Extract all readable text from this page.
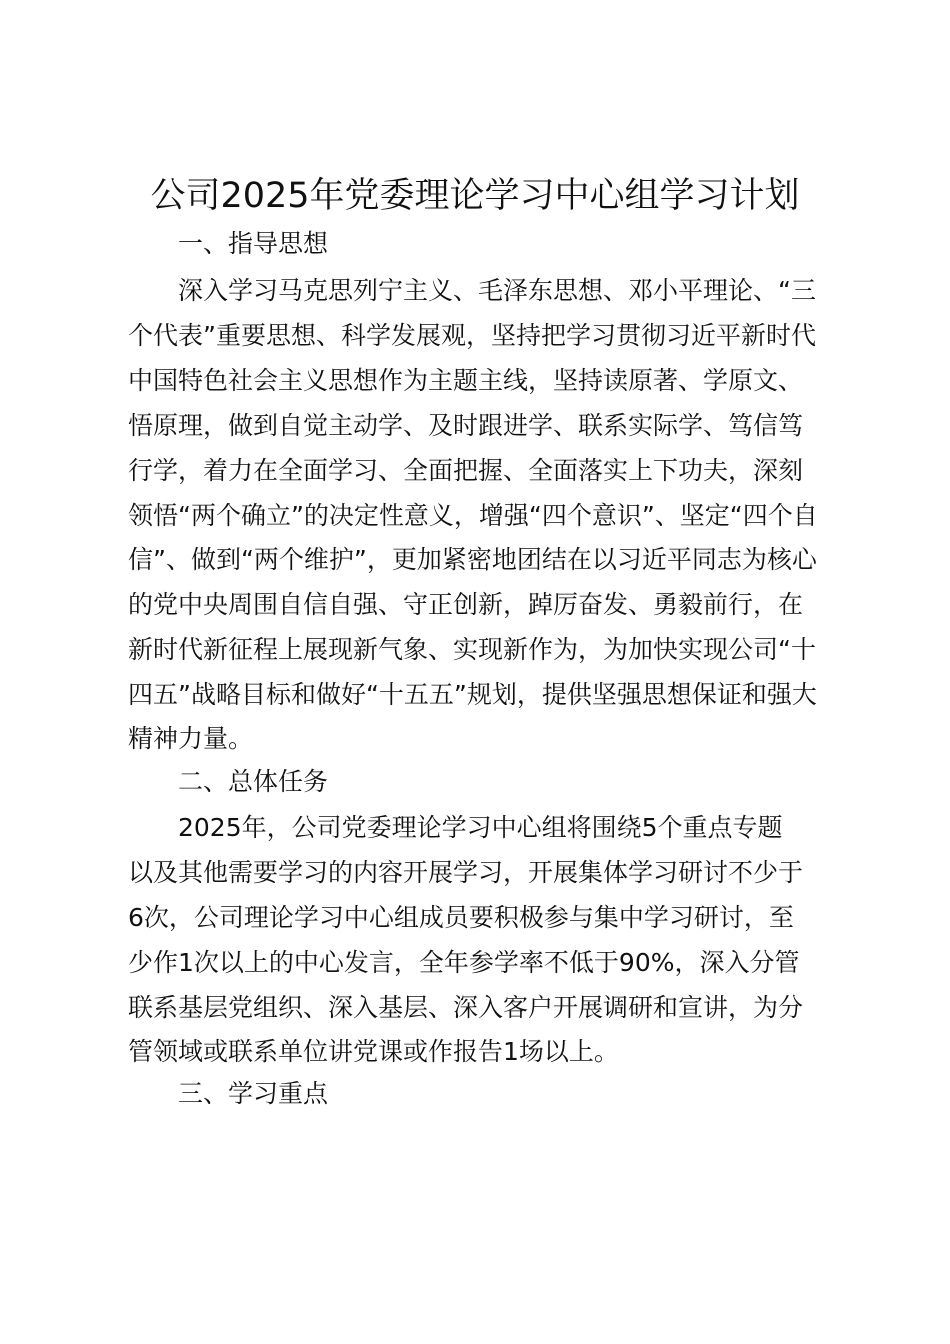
公司2025年党委理论学习中心组学习计划
一、指导思想
深入学习马克思列宁主义、毛泽东思想、邓小平理论、“三
个代表”重要思想、科学发展观，坚持把学习贯彻习近平新时代
中国特色社会主义思想作为主题主线，坚持读原著、学原文、
悟原理，做到自觉主动学、及时跟进学、联系实际学、笃信笃
行学，着力在全面学习、全面把握、全面落实上下功夫，深刻
领悟“两个确立”的决定性意义，增强“四个意识”、坚定“四个自
信”、做到“两个维护”，更加紧密地团结在以习近平同志为核心
的党中央周围自信自强、守正创新，踔厉奋发、勇毅前行，在
新时代新征程上展现新气象、实现新作为，为加快实现公司“十
四五”战略目标和做好“十五五”规划，提供坚强思想保证和强大
精神力量。
二、总体任务
2025年，公司党委理论学习中心组将围绕5个重点专题
以及其他需要学习的内容开展学习，开展集体学习研讨不少于
6次，公司理论学习中心组成员要积极参与集中学习研讨，至
少作1次以上的中心发言，全年参学率不低于90%，深入分管
联系基层党组织、深入基层、深入客户开展调研和宣讲，为分
管领域或联系单位讲党课或作报告1场以上。
三、学习重点
